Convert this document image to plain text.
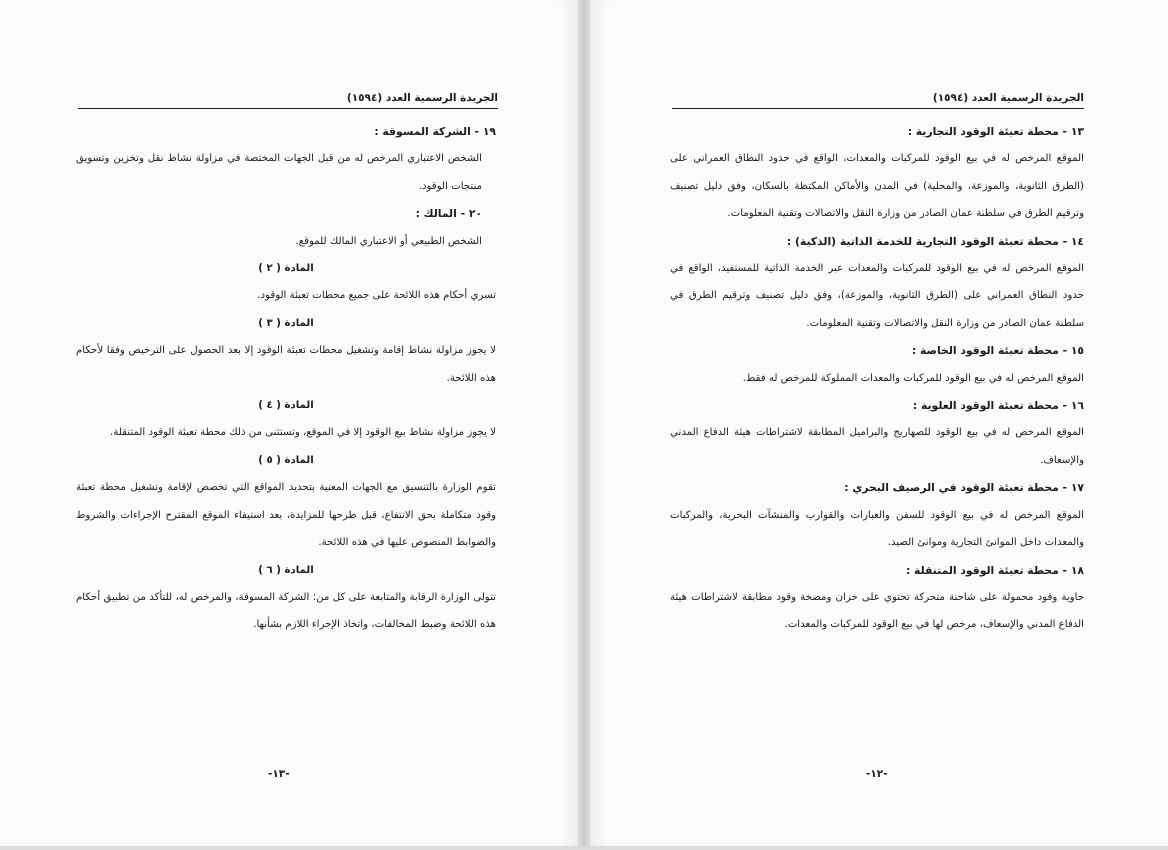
الجريدة الرسمية العدد (١٥٩٤)
١٩ - الشركة المسوقة :
الشخص الاعتباري المرخص له من قبل الجهات المختصة في مزاولة نشاط نقل وتخزين وتسويق منتجات الوقود.
٢٠ - المالك :
الشخص الطبيعي أو الاعتباري المالك للموقع.
المادة ( ٢ )
تسري أحكام هذه اللائحة على جميع محطات تعبئة الوقود.
المادة ( ٣ )
لا يجوز مزاولة نشاط إقامة وتشغيل محطات تعبئة الوقود إلا بعد الحصول على الترخيص وفقا لأحكام هذه اللائحة.
المادة ( ٤ )
لا يجوز مزاولة نشاط بيع الوقود إلا في الموقع، وتستثنى من ذلك محطة تعبئة الوقود المتنقلة.
المادة ( ٥ )
تقوم الوزارة بالتنسيق مع الجهات المعنية بتحديد المواقع التي تخصص لإقامة وتشغيل محطة تعبئة وقود متكاملة بحق الانتفاع، قبل طرحها للمزايدة، بعد استيفاء الموقع المقترح الإجراءات والشروط والضوابط المنصوص عليها في هذه اللائحة.
المادة ( ٦ )
تتولى الوزارة الرقابة والمتابعة على كل من: الشركة المسوقة، والمرخص له، للتأكد من تطبيق أحكام هذه اللائحة وضبط المخالفات، واتخاذ الإجراء اللازم بشأنها.
-١٣-
الجريدة الرسمية العدد (١٥٩٤)
١٣ - محطة تعبئة الوقود التجارية :
الموقع المرخص له في بيع الوقود للمركبات والمعدات، الواقع في حدود النطاق العمراني على (الطرق الثانوية، والموزعة، والمحلية) في المدن والأماكن المكتظة بالسكان، وفق دليل تصنيف وترقيم الطرق في سلطنة عمان الصادر من وزارة النقل والاتصالات وتقنية المعلومات.
١٤ - محطة تعبئة الوقود التجارية للخدمة الذاتية (الذكية) :
الموقع المرخص له في بيع الوقود للمركبات والمعدات عبر الخدمة الذاتية للمستفيد، الواقع في حدود النطاق العمراني على (الطرق الثانوية، والموزعة)، وفق دليل تصنيف وترقيم الطرق في سلطنة عمان الصادر من وزارة النقل والاتصالات وتقنية المعلومات.
١٥ - محطة تعبئة الوقود الخاصة :
الموقع المرخص له في بيع الوقود للمركبات والمعدات المملوكة للمرخص له فقط.
١٦ - محطة تعبئة الوقود العلوية :
الموقع المرخص له في بيع الوقود للصهاريج والبراميل المطابقة لاشتراطات هيئة الدفاع المدني والإسعاف.
١٧ - محطة تعبئة الوقود في الرصيف البحري :
الموقع المرخص له في بيع الوقود للسفن والعبارات والقوارب والمنشآت البحرية، والمركبات والمعدات داخل الموانئ التجارية وموانئ الصيد.
١٨ - محطة تعبئة الوقود المتنقلة :
حاوية وقود محمولة على شاحنة متحركة تحتوي على خزان ومضخة وقود مطابقة لاشتراطات هيئة الدفاع المدني والإسعاف، مرخص لها في بيع الوقود للمركبات والمعدات.
-١٢-
